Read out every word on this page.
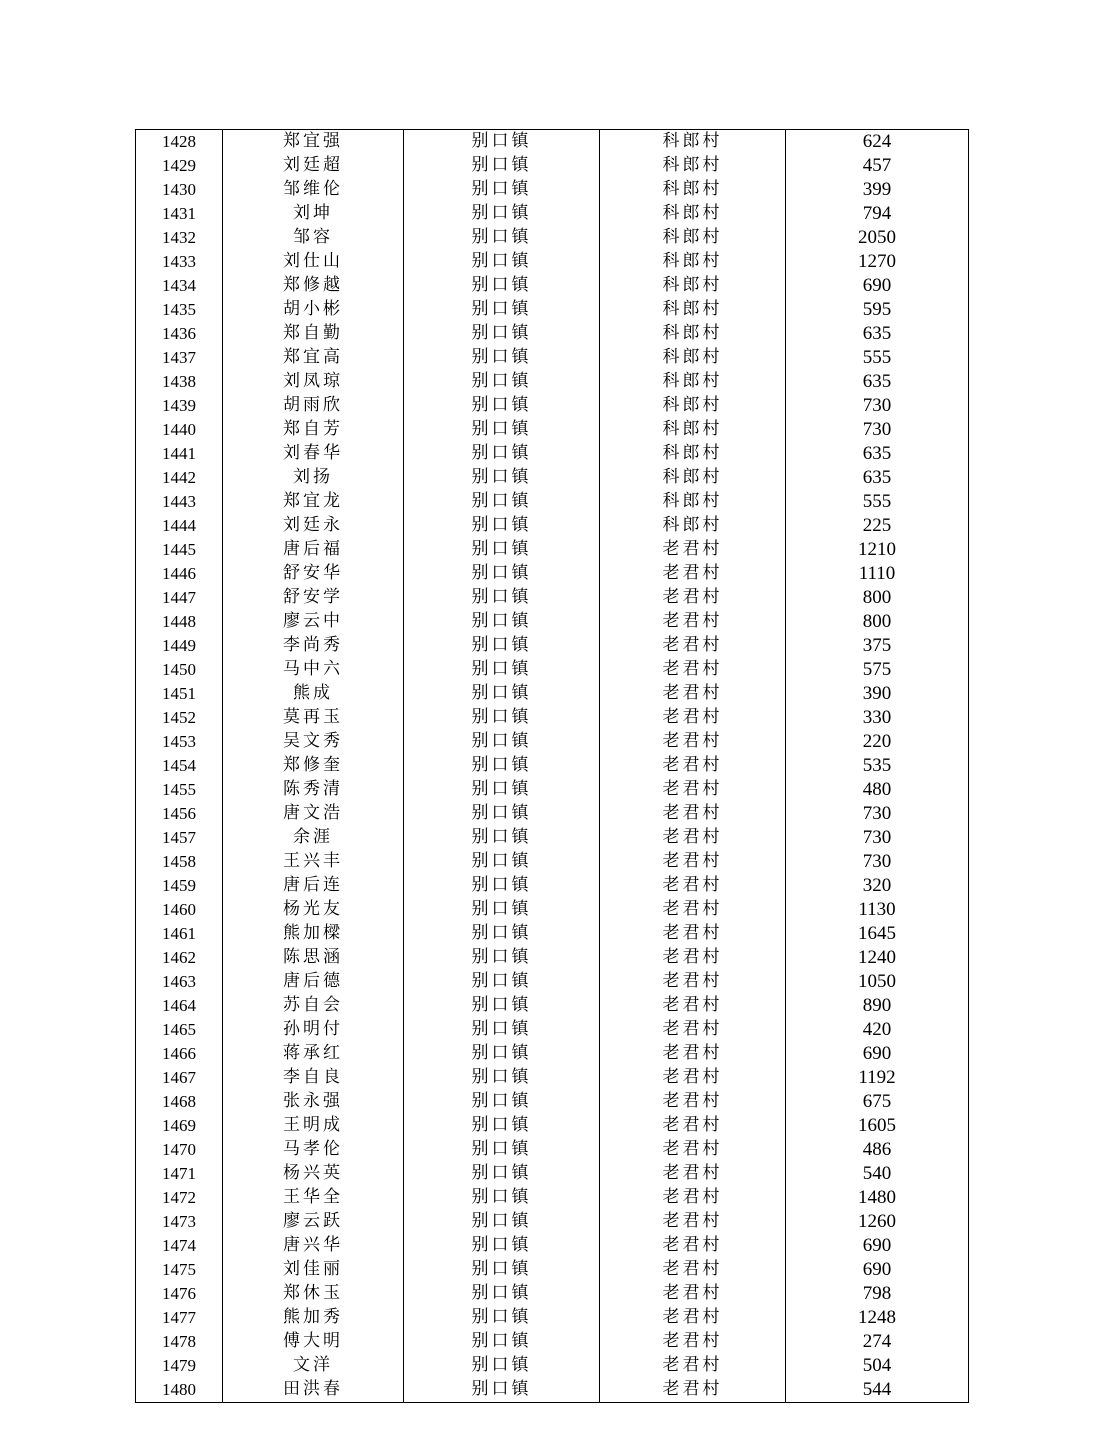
1428	郑宜强	别口镇	科郎村	624
1429	刘廷超	别口镇	科郎村	457
1430	邹维伦	别口镇	科郎村	399
1431	刘坤	别口镇	科郎村	794
1432	邹容	别口镇	科郎村	2050
1433	刘仕山	别口镇	科郎村	1270
1434	郑修越	别口镇	科郎村	690
1435	胡小彬	别口镇	科郎村	595
1436	郑自勤	别口镇	科郎村	635
1437	郑宜高	别口镇	科郎村	555
1438	刘凤琼	别口镇	科郎村	635
1439	胡雨欣	别口镇	科郎村	730
1440	郑自芳	别口镇	科郎村	730
1441	刘春华	别口镇	科郎村	635
1442	刘扬	别口镇	科郎村	635
1443	郑宜龙	别口镇	科郎村	555
1444	刘廷永	别口镇	科郎村	225
1445	唐后福	别口镇	老君村	1210
1446	舒安华	别口镇	老君村	1110
1447	舒安学	别口镇	老君村	800
1448	廖云中	别口镇	老君村	800
1449	李尚秀	别口镇	老君村	375
1450	马中六	别口镇	老君村	575
1451	熊成	别口镇	老君村	390
1452	莫再玉	别口镇	老君村	330
1453	吴文秀	别口镇	老君村	220
1454	郑修奎	别口镇	老君村	535
1455	陈秀清	别口镇	老君村	480
1456	唐文浩	别口镇	老君村	730
1457	余涯	别口镇	老君村	730
1458	王兴丰	别口镇	老君村	730
1459	唐后连	别口镇	老君村	320
1460	杨光友	别口镇	老君村	1130
1461	熊加樑	别口镇	老君村	1645
1462	陈思涵	别口镇	老君村	1240
1463	唐后德	别口镇	老君村	1050
1464	苏自会	别口镇	老君村	890
1465	孙明付	别口镇	老君村	420
1466	蒋承红	别口镇	老君村	690
1467	李自良	别口镇	老君村	1192
1468	张永强	别口镇	老君村	675
1469	王明成	别口镇	老君村	1605
1470	马孝伦	别口镇	老君村	486
1471	杨兴英	别口镇	老君村	540
1472	王华全	别口镇	老君村	1480
1473	廖云跃	别口镇	老君村	1260
1474	唐兴华	别口镇	老君村	690
1475	刘佳丽	别口镇	老君村	690
1476	郑休玉	别口镇	老君村	798
1477	熊加秀	别口镇	老君村	1248
1478	傅大明	别口镇	老君村	274
1479	文洋	别口镇	老君村	504
1480	田洪春	别口镇	老君村	544
